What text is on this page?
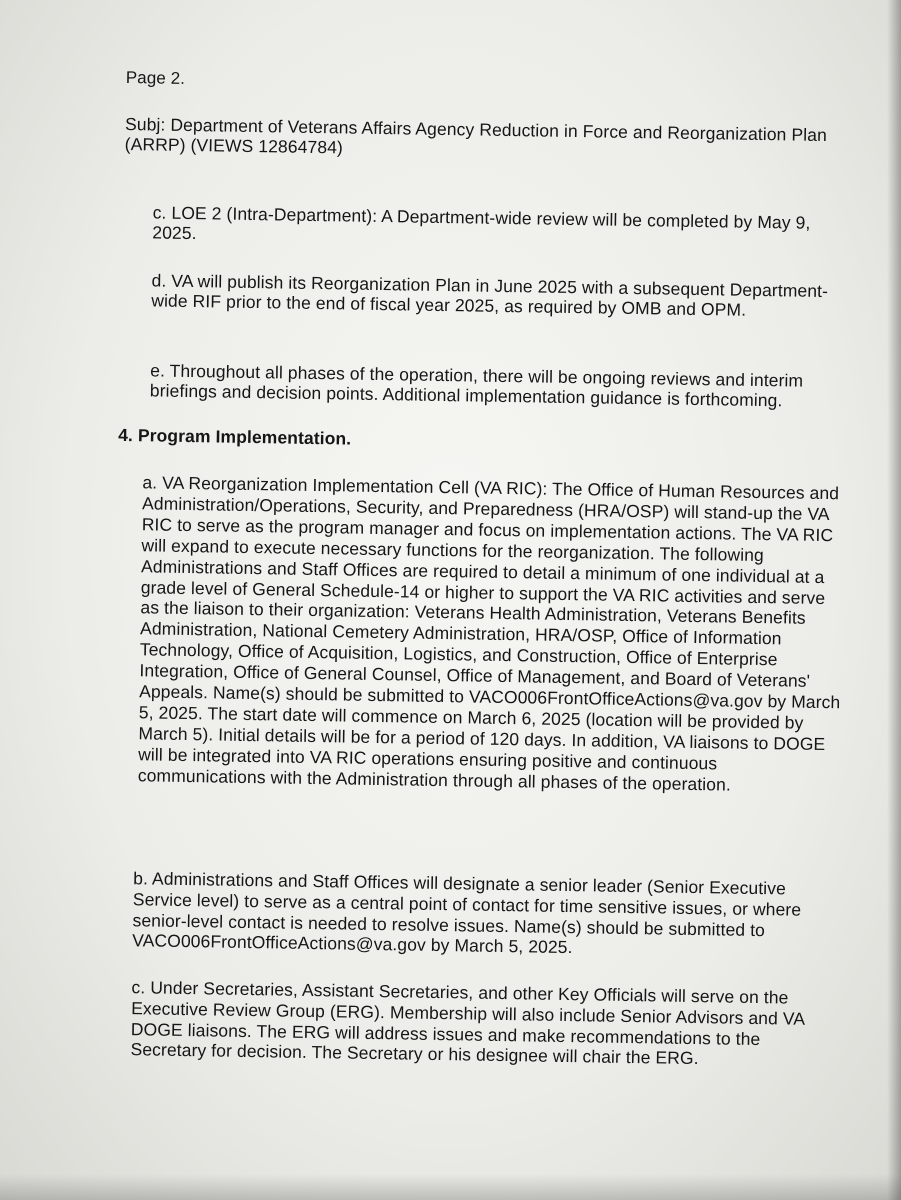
Page 2.
Subj: Department of Veterans Affairs Agency Reduction in Force and Reorganization Plan (ARRP) (VIEWS 12864784)
c. LOE 2 (Intra-Department): A Department-wide review will be completed by May 9, 2025.
d. VA will publish its Reorganization Plan in June 2025 with a subsequent Department-wide RIF prior to the end of fiscal year 2025, as required by OMB and OPM.
e. Throughout all phases of the operation, there will be ongoing reviews and interim briefings and decision points. Additional implementation guidance is forthcoming.
4. Program Implementation.
a. VA Reorganization Implementation Cell (VA RIC): The Office of Human Resources and Administration/Operations, Security, and Preparedness (HRA/OSP) will stand-up the VA RIC to serve as the program manager and focus on implementation actions. The VA RIC will expand to execute necessary functions for the reorganization. The following Administrations and Staff Offices are required to detail a minimum of one individual at a grade level of General Schedule-14 or higher to support the VA RIC activities and serve as the liaison to their organization: Veterans Health Administration, Veterans Benefits Administration, National Cemetery Administration, HRA/OSP, Office of Information Technology, Office of Acquisition, Logistics, and Construction, Office of Enterprise Integration, Office of General Counsel, Office of Management, and Board of Veterans' Appeals. Name(s) should be submitted to VACO006FrontOfficeActions@va.gov by March 5, 2025. The start date will commence on March 6, 2025 (location will be provided by March 5). Initial details will be for a period of 120 days. In addition, VA liaisons to DOGE will be integrated into VA RIC operations ensuring positive and continuous communications with the Administration through all phases of the operation.
b. Administrations and Staff Offices will designate a senior leader (Senior Executive Service level) to serve as a central point of contact for time sensitive issues, or where senior-level contact is needed to resolve issues. Name(s) should be submitted to VACO006FrontOfficeActions@va.gov by March 5, 2025.
c. Under Secretaries, Assistant Secretaries, and other Key Officials will serve on the Executive Review Group (ERG). Membership will also include Senior Advisors and VA DOGE liaisons. The ERG will address issues and make recommendations to the Secretary for decision. The Secretary or his designee will chair the ERG.
